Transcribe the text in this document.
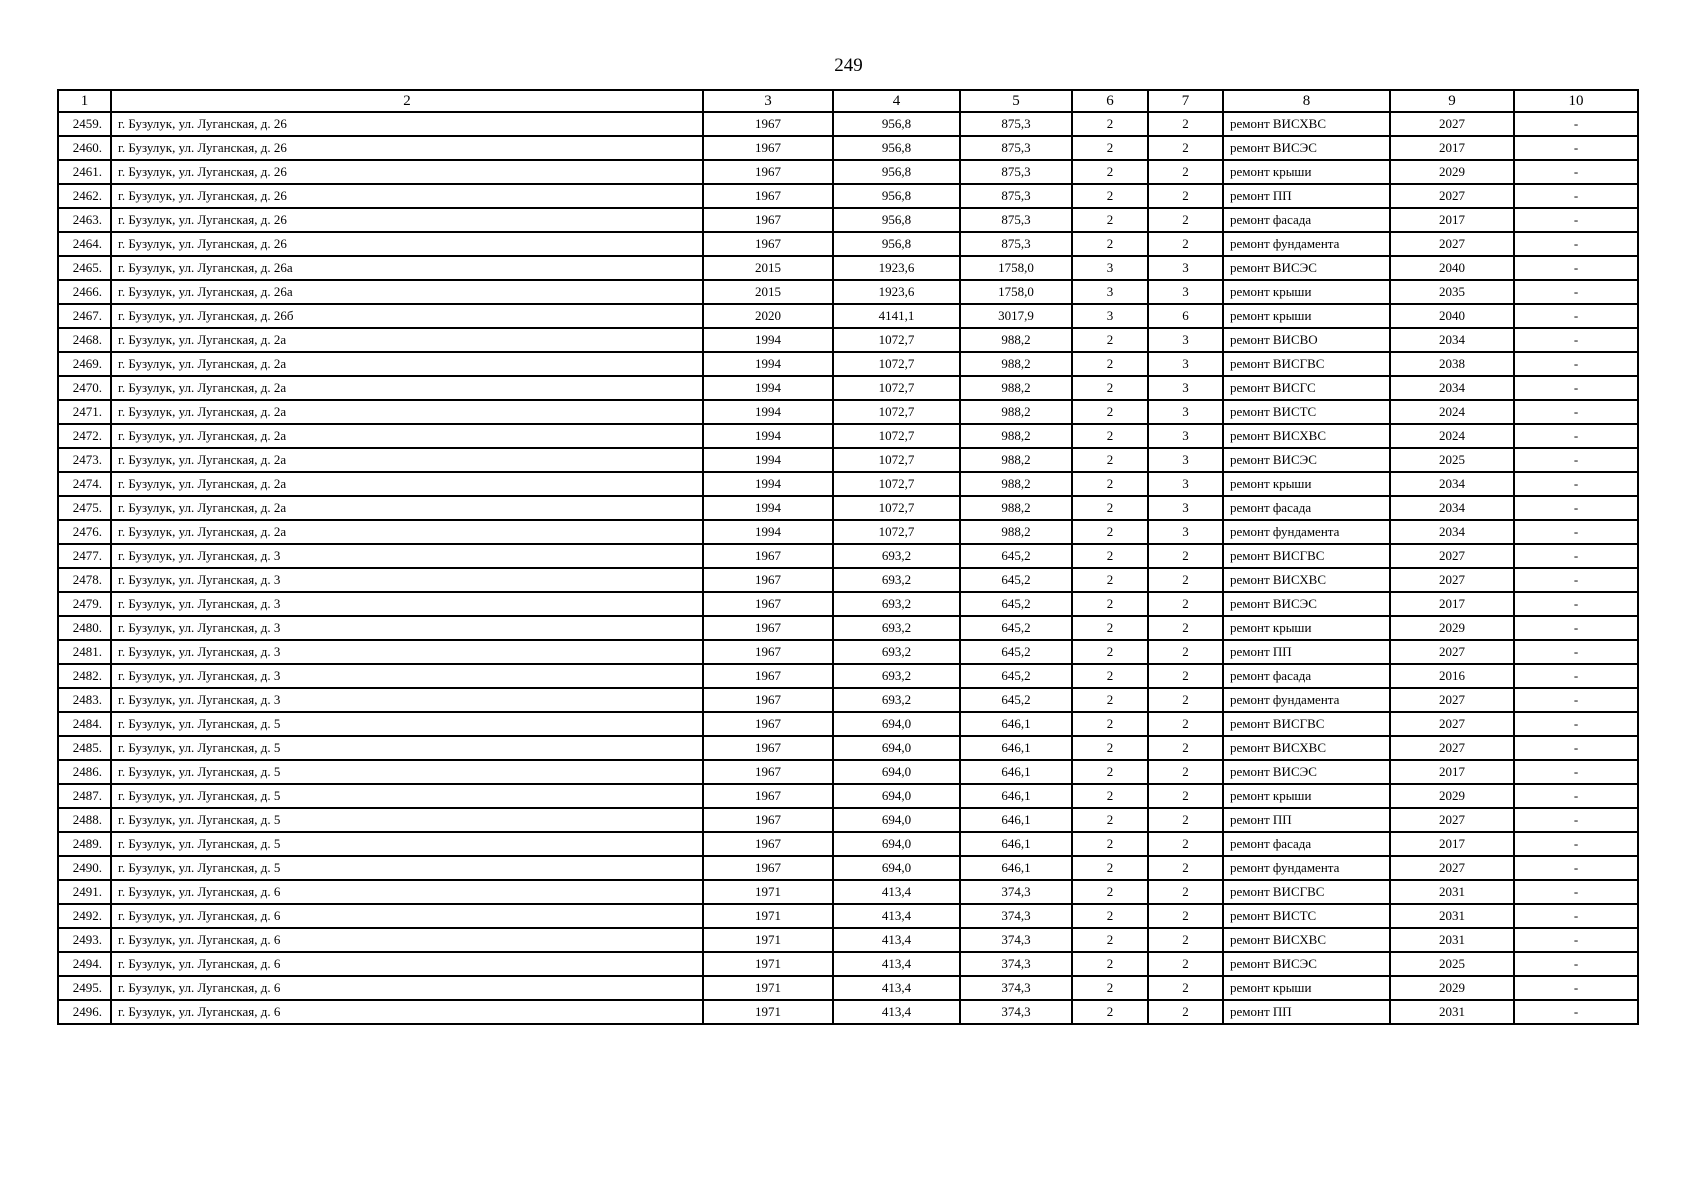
249
1	2	3	4	5	6	7	8	9	10
2459.	г. Бузулук, ул. Луганская, д. 26	1967	956,8	875,3	2	2	ремонт ВИСХВС	2027	-
2460.	г. Бузулук, ул. Луганская, д. 26	1967	956,8	875,3	2	2	ремонт ВИСЭС	2017	-
2461.	г. Бузулук, ул. Луганская, д. 26	1967	956,8	875,3	2	2	ремонт крыши	2029	-
2462.	г. Бузулук, ул. Луганская, д. 26	1967	956,8	875,3	2	2	ремонт ПП	2027	-
2463.	г. Бузулук, ул. Луганская, д. 26	1967	956,8	875,3	2	2	ремонт фасада	2017	-
2464.	г. Бузулук, ул. Луганская, д. 26	1967	956,8	875,3	2	2	ремонт фундамента	2027	-
2465.	г. Бузулук, ул. Луганская, д. 26а	2015	1923,6	1758,0	3	3	ремонт ВИСЭС	2040	-
2466.	г. Бузулук, ул. Луганская, д. 26а	2015	1923,6	1758,0	3	3	ремонт крыши	2035	-
2467.	г. Бузулук, ул. Луганская, д. 26б	2020	4141,1	3017,9	3	6	ремонт крыши	2040	-
2468.	г. Бузулук, ул. Луганская, д. 2а	1994	1072,7	988,2	2	3	ремонт ВИСВО	2034	-
2469.	г. Бузулук, ул. Луганская, д. 2а	1994	1072,7	988,2	2	3	ремонт ВИСГВС	2038	-
2470.	г. Бузулук, ул. Луганская, д. 2а	1994	1072,7	988,2	2	3	ремонт ВИСГС	2034	-
2471.	г. Бузулук, ул. Луганская, д. 2а	1994	1072,7	988,2	2	3	ремонт ВИСТС	2024	-
2472.	г. Бузулук, ул. Луганская, д. 2а	1994	1072,7	988,2	2	3	ремонт ВИСХВС	2024	-
2473.	г. Бузулук, ул. Луганская, д. 2а	1994	1072,7	988,2	2	3	ремонт ВИСЭС	2025	-
2474.	г. Бузулук, ул. Луганская, д. 2а	1994	1072,7	988,2	2	3	ремонт крыши	2034	-
2475.	г. Бузулук, ул. Луганская, д. 2а	1994	1072,7	988,2	2	3	ремонт фасада	2034	-
2476.	г. Бузулук, ул. Луганская, д. 2а	1994	1072,7	988,2	2	3	ремонт фундамента	2034	-
2477.	г. Бузулук, ул. Луганская, д. 3	1967	693,2	645,2	2	2	ремонт ВИСГВС	2027	-
2478.	г. Бузулук, ул. Луганская, д. 3	1967	693,2	645,2	2	2	ремонт ВИСХВС	2027	-
2479.	г. Бузулук, ул. Луганская, д. 3	1967	693,2	645,2	2	2	ремонт ВИСЭС	2017	-
2480.	г. Бузулук, ул. Луганская, д. 3	1967	693,2	645,2	2	2	ремонт крыши	2029	-
2481.	г. Бузулук, ул. Луганская, д. 3	1967	693,2	645,2	2	2	ремонт ПП	2027	-
2482.	г. Бузулук, ул. Луганская, д. 3	1967	693,2	645,2	2	2	ремонт фасада	2016	-
2483.	г. Бузулук, ул. Луганская, д. 3	1967	693,2	645,2	2	2	ремонт фундамента	2027	-
2484.	г. Бузулук, ул. Луганская, д. 5	1967	694,0	646,1	2	2	ремонт ВИСГВС	2027	-
2485.	г. Бузулук, ул. Луганская, д. 5	1967	694,0	646,1	2	2	ремонт ВИСХВС	2027	-
2486.	г. Бузулук, ул. Луганская, д. 5	1967	694,0	646,1	2	2	ремонт ВИСЭС	2017	-
2487.	г. Бузулук, ул. Луганская, д. 5	1967	694,0	646,1	2	2	ремонт крыши	2029	-
2488.	г. Бузулук, ул. Луганская, д. 5	1967	694,0	646,1	2	2	ремонт ПП	2027	-
2489.	г. Бузулук, ул. Луганская, д. 5	1967	694,0	646,1	2	2	ремонт фасада	2017	-
2490.	г. Бузулук, ул. Луганская, д. 5	1967	694,0	646,1	2	2	ремонт фундамента	2027	-
2491.	г. Бузулук, ул. Луганская, д. 6	1971	413,4	374,3	2	2	ремонт ВИСГВС	2031	-
2492.	г. Бузулук, ул. Луганская, д. 6	1971	413,4	374,3	2	2	ремонт ВИСТС	2031	-
2493.	г. Бузулук, ул. Луганская, д. 6	1971	413,4	374,3	2	2	ремонт ВИСХВС	2031	-
2494.	г. Бузулук, ул. Луганская, д. 6	1971	413,4	374,3	2	2	ремонт ВИСЭС	2025	-
2495.	г. Бузулук, ул. Луганская, д. 6	1971	413,4	374,3	2	2	ремонт крыши	2029	-
2496.	г. Бузулук, ул. Луганская, д. 6	1971	413,4	374,3	2	2	ремонт ПП	2031	-
